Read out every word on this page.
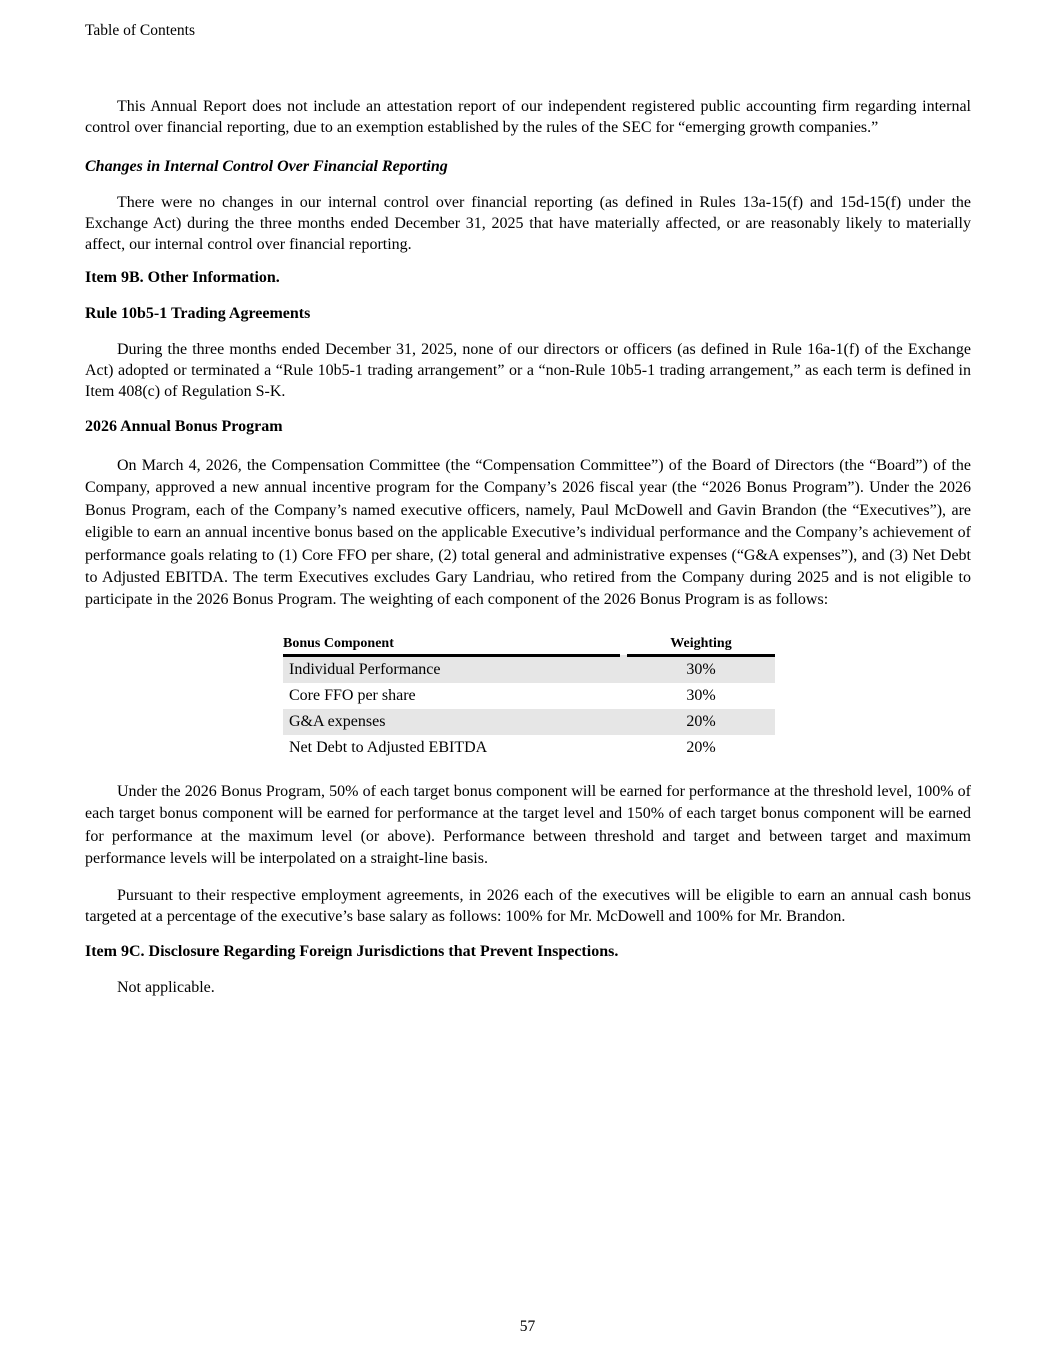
Table of Contents

This Annual Report does not include an attestation report of our independent registered public accounting firm regarding internal control over financial reporting, due to an exemption established by the rules of the SEC for “emerging growth companies.”

Changes in Internal Control Over Financial Reporting

There were no changes in our internal control over financial reporting (as defined in Rules 13a-15(f) and 15d-15(f) under the Exchange Act) during the three months ended December 31, 2025 that have materially affected, or are reasonably likely to materially affect, our internal control over financial reporting.

Item 9B. Other Information.
Rule 10b5-1 Trading Agreements

During the three months ended December 31, 2025, none of our directors or officers (as defined in Rule 16a-1(f) of the Exchange Act) adopted or terminated a “Rule 10b5-1 trading arrangement” or a “non-Rule 10b5-1 trading arrangement,” as each term is defined in Item 408(c) of Regulation S-K.

2026 Annual Bonus Program

On March 4, 2026, the Compensation Committee (the “Compensation Committee”) of the Board of Directors (the “Board”) of the Company, approved a new annual incentive program for the Company’s 2026 fiscal year (the “2026 Bonus Program”). Under the 2026 Bonus Program, each of the Company’s named executive officers, namely, Paul McDowell and Gavin Brandon (the “Executives”), are eligible to earn an annual incentive bonus based on the applicable Executive’s individual performance and the Company’s achievement of performance goals relating to (1) Core FFO per share, (2) total general and administrative expenses (“G&A expenses”), and (3) Net Debt to Adjusted EBITDA. The term Executives excludes Gary Landriau, who retired from the Company during 2025 and is not eligible to participate in the 2026 Bonus Program. The weighting of each component of the 2026 Bonus Program is as follows:

Bonus Component		Weighting
Individual Performance		30%
Core FFO per share		30%
G&A expenses		20%
Net Debt to Adjusted EBITDA		20%

Under the 2026 Bonus Program, 50% of each target bonus component will be earned for performance at the threshold level, 100% of each target bonus component will be earned for performance at the target level and 150% of each target bonus component will be earned for performance at the maximum level (or above). Performance between threshold and target and between target and maximum performance levels will be interpolated on a straight-line basis.

Pursuant to their respective employment agreements, in 2026 each of the executives will be eligible to earn an annual cash bonus targeted at a percentage of the executive’s base salary as follows: 100% for Mr. McDowell and 100% for Mr. Brandon.

Item 9C. Disclosure Regarding Foreign Jurisdictions that Prevent Inspections.

Not applicable.

57
